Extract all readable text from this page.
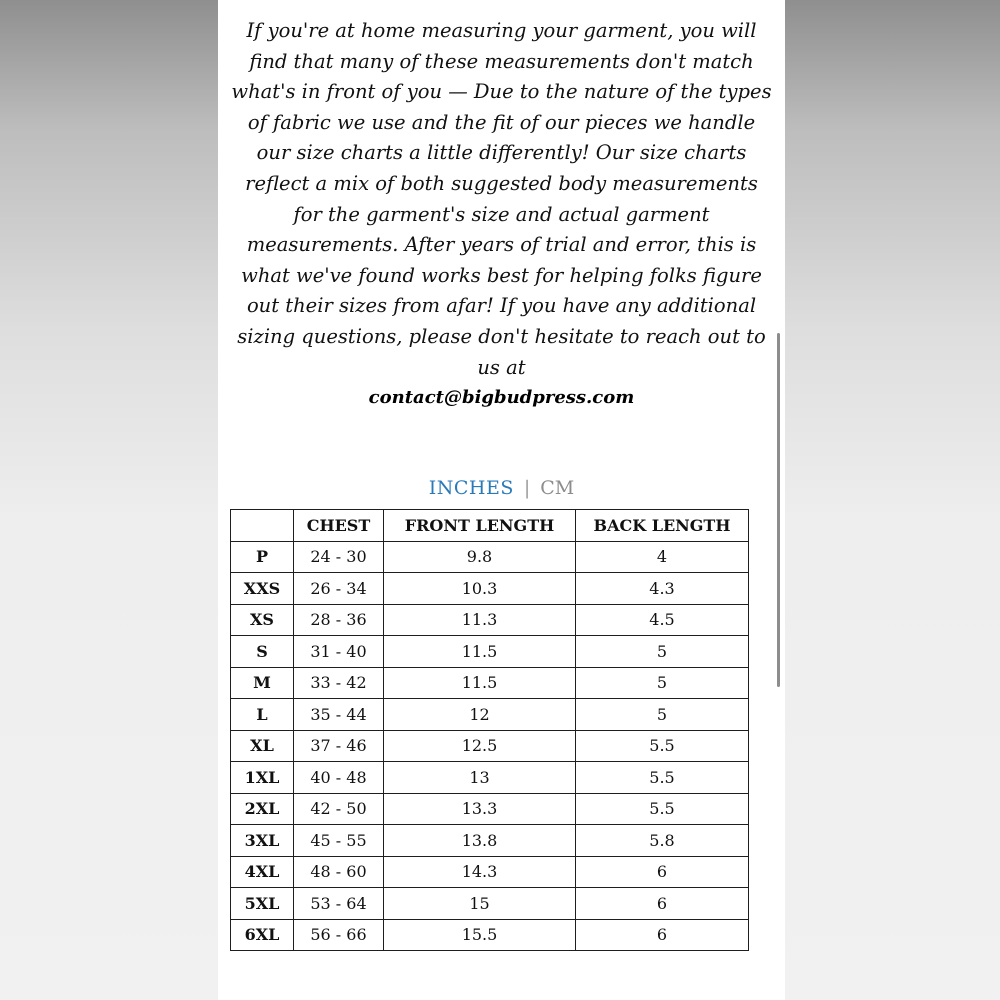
If you're at home measuring your garment, you will find that many of these measurements don't match what's in front of you — Due to the nature of the types of fabric we use and the fit of our pieces we handle our size charts a little differently! Our size charts reflect a mix of both suggested body measurements for the garment's size and actual garment measurements. After years of trial and error, this is what we've found works best for helping folks figure out their sizes from afar! If you have any additional sizing questions, please don't hesitate to reach out to us at

contact@bigbudpress.com
INCHES | CM
	CHEST	FRONT LENGTH	BACK LENGTH
P	24 - 30	9.8	4
XXS	26 - 34	10.3	4.3
XS	28 - 36	11.3	4.5
S	31 - 40	11.5	5
M	33 - 42	11.5	5
L	35 - 44	12	5
XL	37 - 46	12.5	5.5
1XL	40 - 48	13	5.5
2XL	42 - 50	13.3	5.5
3XL	45 - 55	13.8	5.8
4XL	48 - 60	14.3	6
5XL	53 - 64	15	6
6XL	56 - 66	15.5	6
